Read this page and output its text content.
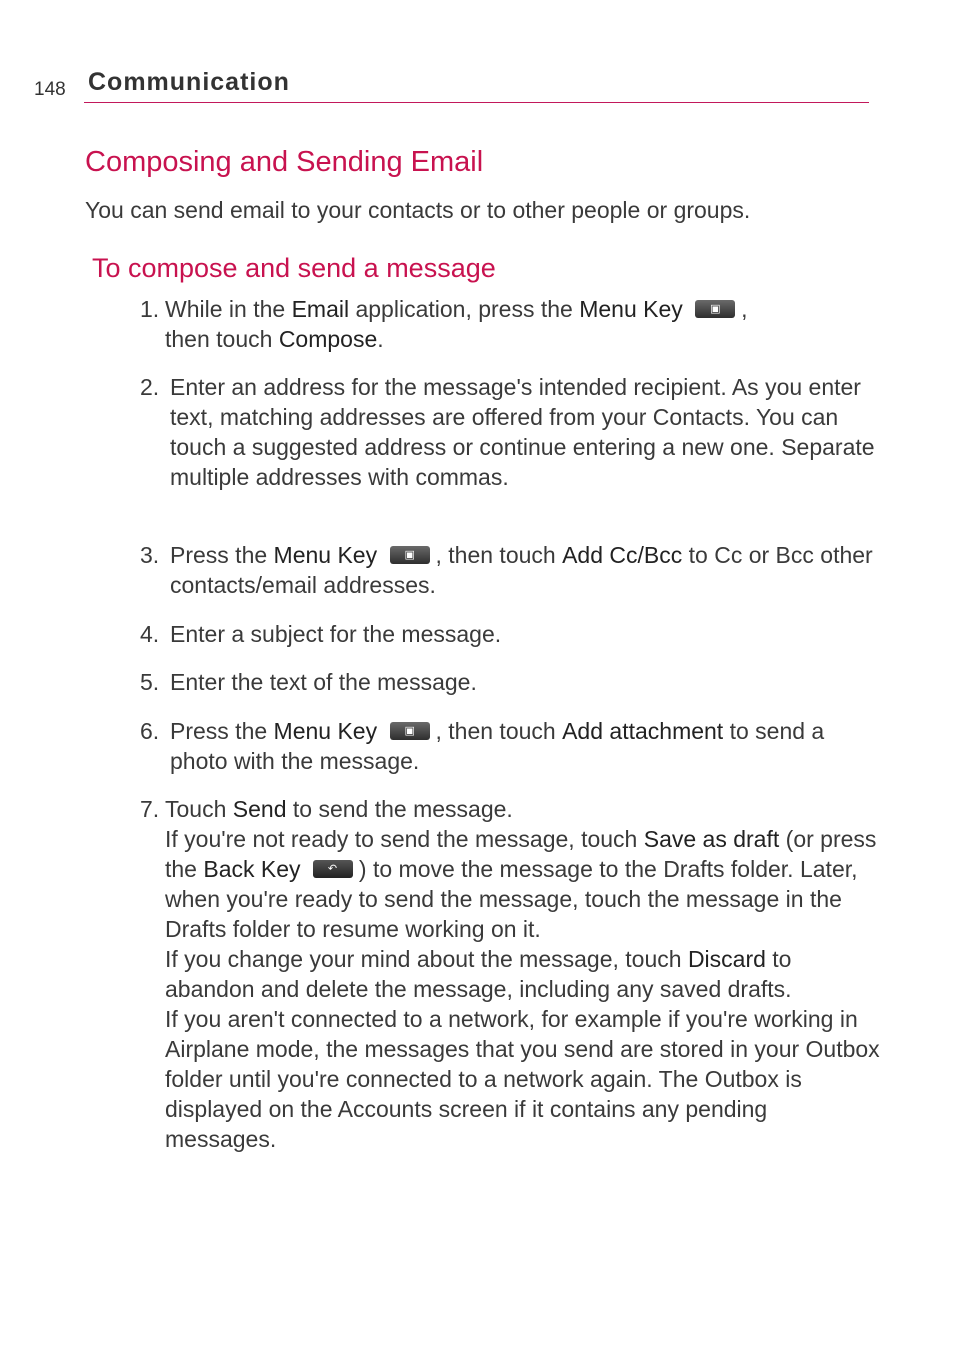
148 Communication
Composing and Sending Email

You can send email to your contacts or to other people or groups.

To compose and send a message
1. While in the Email application, press the Menu Key ▣ ,
then touch Compose.
2. Enter an address for the message's intended recipient. As you enter text, matching addresses are offered from your Contacts. You can touch a suggested address or continue entering a new one. Separate multiple addresses with commas.
3. Press the Menu Key ▣ , then touch Add Cc/Bcc to Cc or Bcc other contacts/email addresses.
4. Enter a subject for the message.
5. Enter the text of the message.
6. Press the Menu Key ▣ , then touch Add attachment to send a photo with the message.
7. Touch Send to send the message.
If you're not ready to send the message, touch Save as draft (or press the Back Key ↶ ) to move the message to the Drafts folder. Later, when you're ready to send the message, touch the message in the Drafts folder to resume working on it.
If you change your mind about the message, touch Discard to abandon and delete the message, including any saved drafts.
If you aren't connected to a network, for example if you're working in Airplane mode, the messages that you send are stored in your Outbox folder until you're connected to a network again. The Outbox is displayed on the Accounts screen if it contains any pending messages.
